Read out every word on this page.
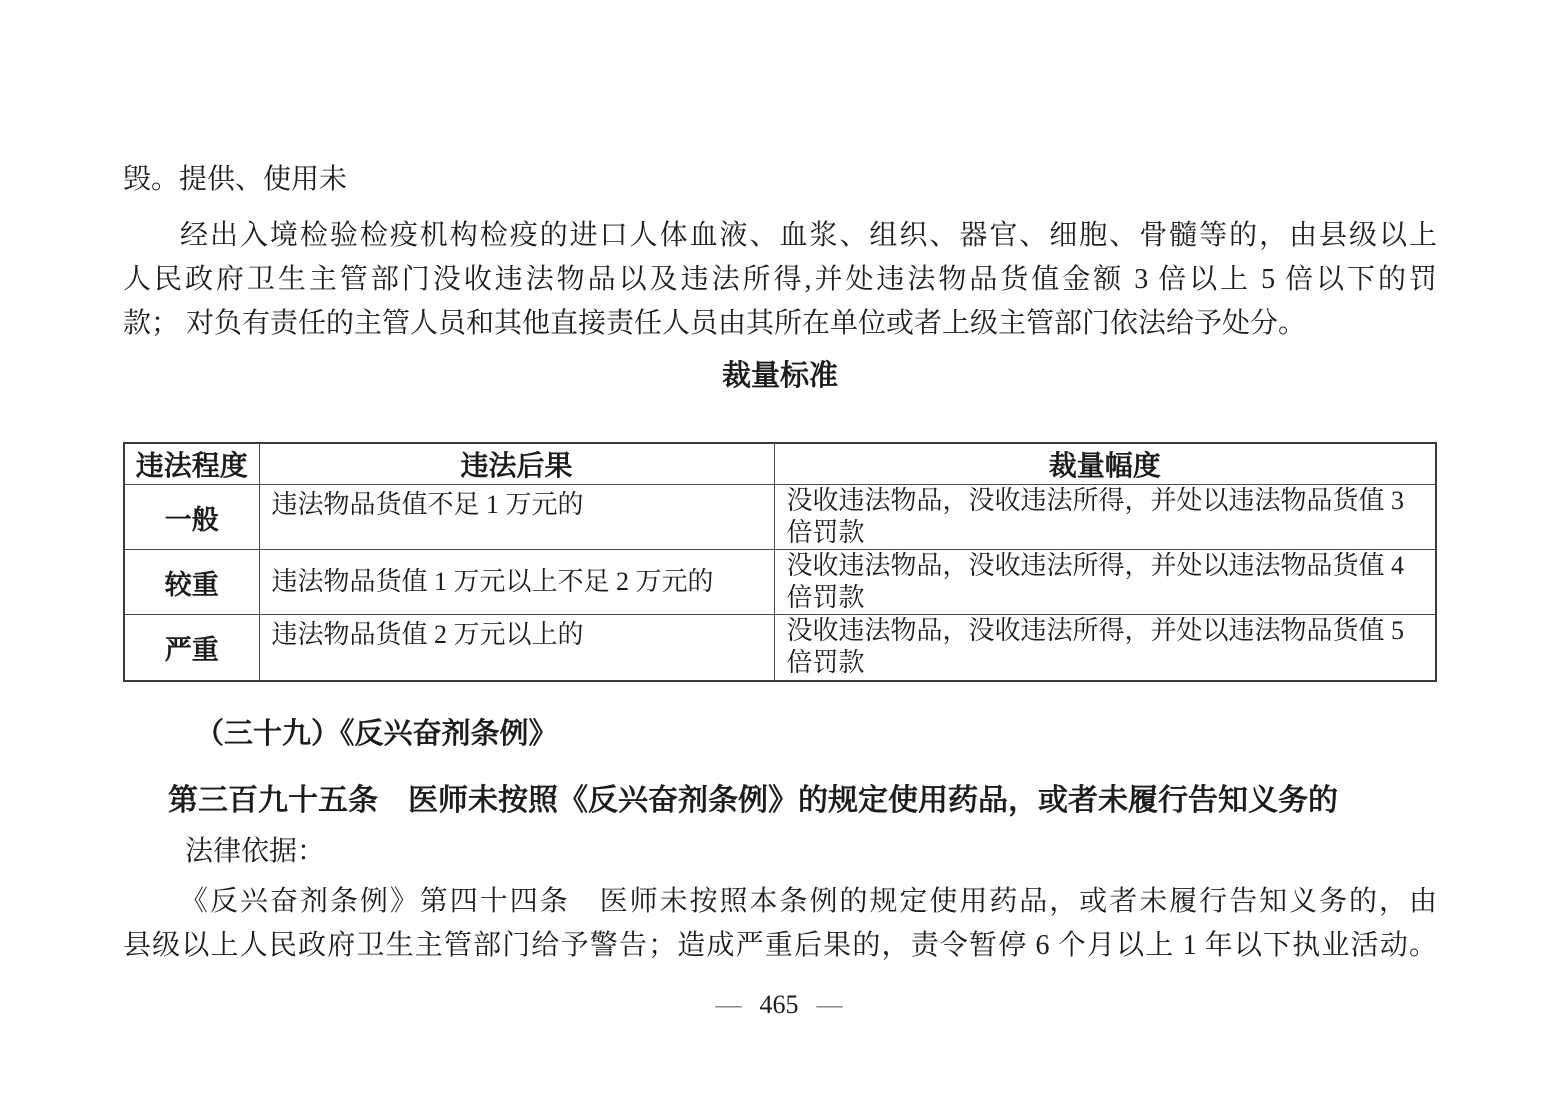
毁。提供、使用未
经出入境检验检疫机构检疫的进口人体血液、血浆、组织、器官、细胞、骨髓等的，由县级以上
人民政府卫生主管部门没收违法物品以及违法所得,并处违法物品货值金额 3 倍以上 5 倍以下的罚
款； 对负有责任的主管人员和其他直接责任人员由其所在单位或者上级主管部门依法给予处分。
裁量标准
违法程度	违法后果	裁量幅度
一般	违法物品货值不足 1 万元的	没收违法物品，没收违法所得，并处以违法物品货值 3 倍罚款
较重	违法物品货值 1 万元以上不足 2 万元的	没收违法物品，没收违法所得，并处以违法物品货值 4 倍罚款
严重	违法物品货值 2 万元以上的	没收违法物品，没收违法所得，并处以违法物品货值 5 倍罚款
（三十九）《反兴奋剂条例》
第三百九十五条　医师未按照《反兴奋剂条例》的规定使用药品，或者未履行告知义务的
法律依据：
《反兴奋剂条例》第四十四条　医师未按照本条例的规定使用药品，或者未履行告知义务的，由
县级以上人民政府卫生主管部门给予警告；造成严重后果的，责令暂停 6 个月以上 1 年以下执业活动。
— 465 —
